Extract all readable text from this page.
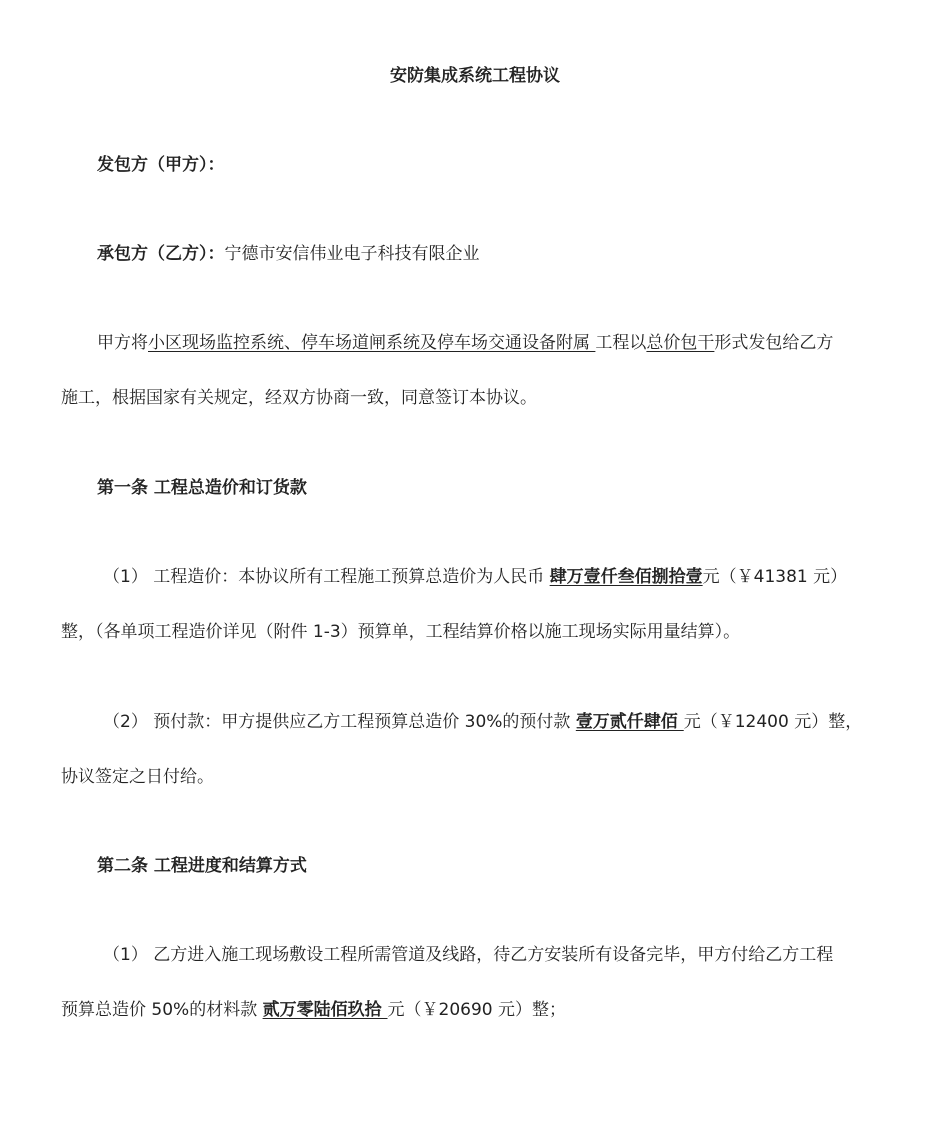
安防集成系统工程协议
发包方（甲方）：
承包方（乙方）：宁德市安信伟业电子科技有限企业
甲方将小区现场监控系统、停车场道闸系统及停车场交通设备附属 工程以总价包干形式发包给乙方
施工，根据国家有关规定，经双方协商一致，同意签订本协议。
第一条 工程总造价和订货款
（1） 工程造价：本协议所有工程施工预算总造价为人民币 肆万壹仟叁佰捌拾壹元（￥41381 元）
整，（各单项工程造价详见（附件 1-3）预算单，工程结算价格以施工现场实际用量结算）。
（2） 预付款：甲方提供应乙方工程预算总造价 30%的预付款 壹万贰仟肆佰 元（￥12400 元）整，
协议签定之日付给。
第二条 工程进度和结算方式
（1） 乙方进入施工现场敷设工程所需管道及线路，待乙方安装所有设备完毕，甲方付给乙方工程
预算总造价 50%的材料款 贰万零陆佰玖拾 元（￥20690 元）整；
